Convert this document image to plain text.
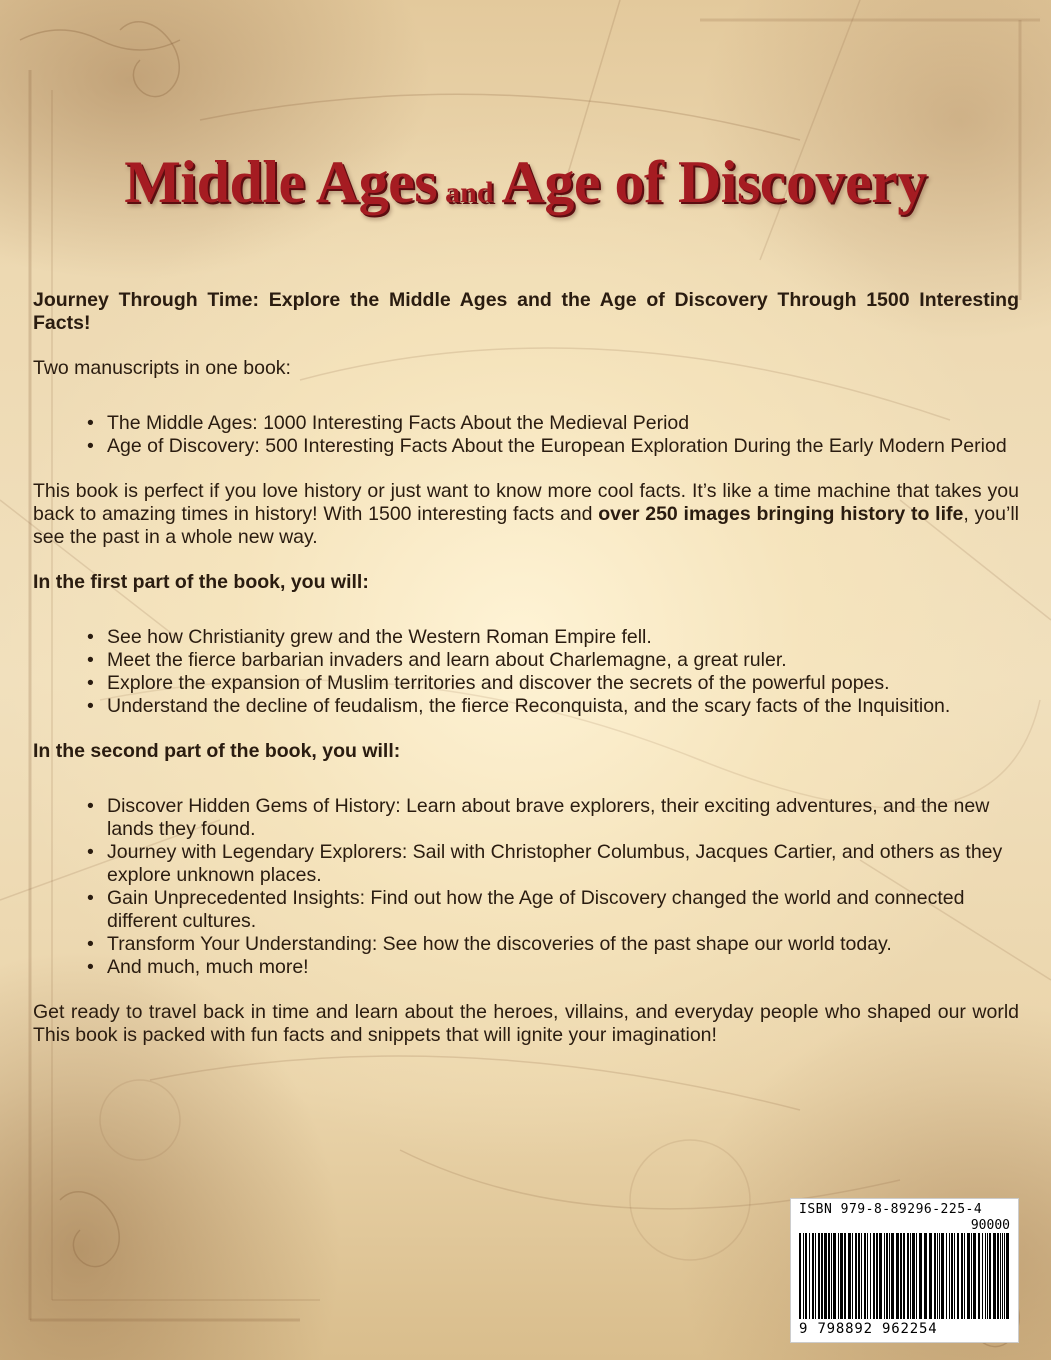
Middle Ages and Age of Discovery

Journey Through Time: Explore the Middle Ages and the Age of Discovery Through 1500 Interesting Facts!

Two manuscripts in one book:

• The Middle Ages: 1000 Interesting Facts About the Medieval Period
• Age of Discovery: 500 Interesting Facts About the European Exploration During the Early Modern Period

This book is perfect if you love history or just want to know more cool facts. It’s like a time machine that takes you back to amazing times in history! With 1500 interesting facts and over 250 images bringing history to life, you’ll see the past in a whole new way.

In the first part of the book, you will:

• See how Christianity grew and the Western Roman Empire fell.
• Meet the fierce barbarian invaders and learn about Charlemagne, a great ruler.
• Explore the expansion of Muslim territories and discover the secrets of the powerful popes.
• Understand the decline of feudalism, the fierce Reconquista, and the scary facts of the Inquisition.

In the second part of the book, you will:

• Discover Hidden Gems of History: Learn about brave explorers, their exciting adventures, and the new lands they found.
• Journey with Legendary Explorers: Sail with Christopher Columbus, Jacques Cartier, and others as they explore unknown places.
• Gain Unprecedented Insights: Find out how the Age of Discovery changed the world and connected different cultures.
• Transform Your Understanding: See how the discoveries of the past shape our world today.
• And much, much more!

Get ready to travel back in time and learn about the heroes, villains, and everyday people who shaped our world This book is packed with fun facts and snippets that will ignite your imagination!

ISBN 979-8-89296-225-4
90000
9 798892 962254
